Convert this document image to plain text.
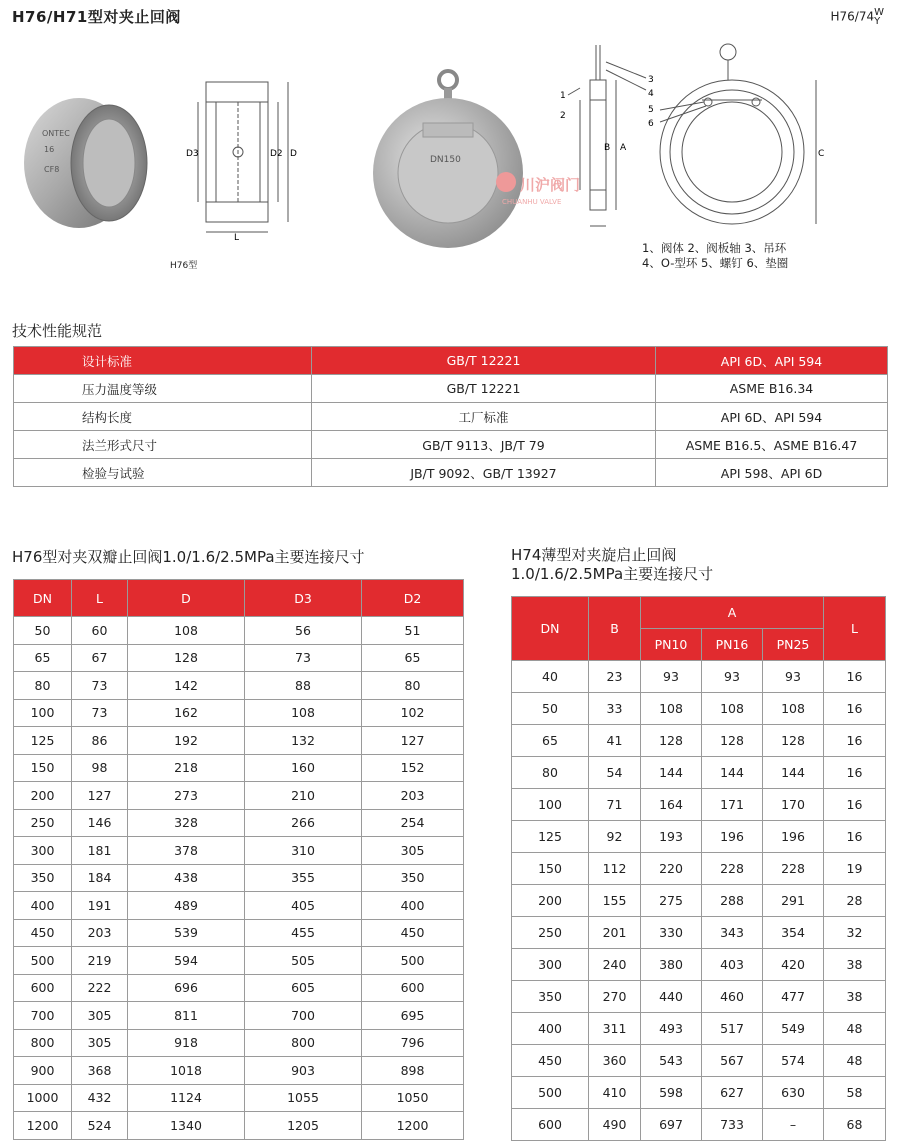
H76/H71型对夹止回阀	H76/74 W
Y
ONTEC
16
CF8
H76型
D3	D2 D
L
DN150
川沪阀门
CHUANHU VALVE
1
2
3
4
B A
5
6
C
1、阀体 2、阀板轴 3、吊环
4、O-型环 5、螺钉 6、垫圈
技术性能规范
设计标准	GB/T 12221	API 6D、API 594
压力温度等级	GB/T 12221	ASME B16.34
结构长度	工厂标准	API 6D、API 594
法兰形式尺寸	GB/T 9113、JB/T 79	ASME B16.5、ASME B16.47
检验与试验	JB/T 9092、GB/T 13927	API 598、API 6D
H76型对夹双瓣止回阀1.0/1.6/2.5MPa主要连接尺寸
DN	L	D	D3	D2
50	60	108	56	51
65	67	128	73	65
80	73	142	88	80
100	73	162	108	102
125	86	192	132	127
150	98	218	160	152
200	127	273	210	203
250	146	328	266	254
300	181	378	310	305
350	184	438	355	350
400	191	489	405	400
450	203	539	455	450
500	219	594	505	500
600	222	696	605	600
700	305	811	700	695
800	305	918	800	796
900	368	1018	903	898
1000	432	1124	1055	1050
1200	524	1340	1205	1200
H74薄型对夹旋启止回阀
1.0/1.6/2.5MPa主要连接尺寸
DN	B	A			L
		PN10	PN16	PN25	
40	23	93	93	93	16
50	33	108	108	108	16
65	41	128	128	128	16
80	54	144	144	144	16
100	71	164	171	170	16
125	92	193	196	196	16
150	112	220	228	228	19
200	155	275	288	291	28
250	201	330	343	354	32
300	240	380	403	420	38
350	270	440	460	477	38
400	311	493	517	549	48
450	360	543	567	574	48
500	410	598	627	630	58
600	490	697	733	–	68
